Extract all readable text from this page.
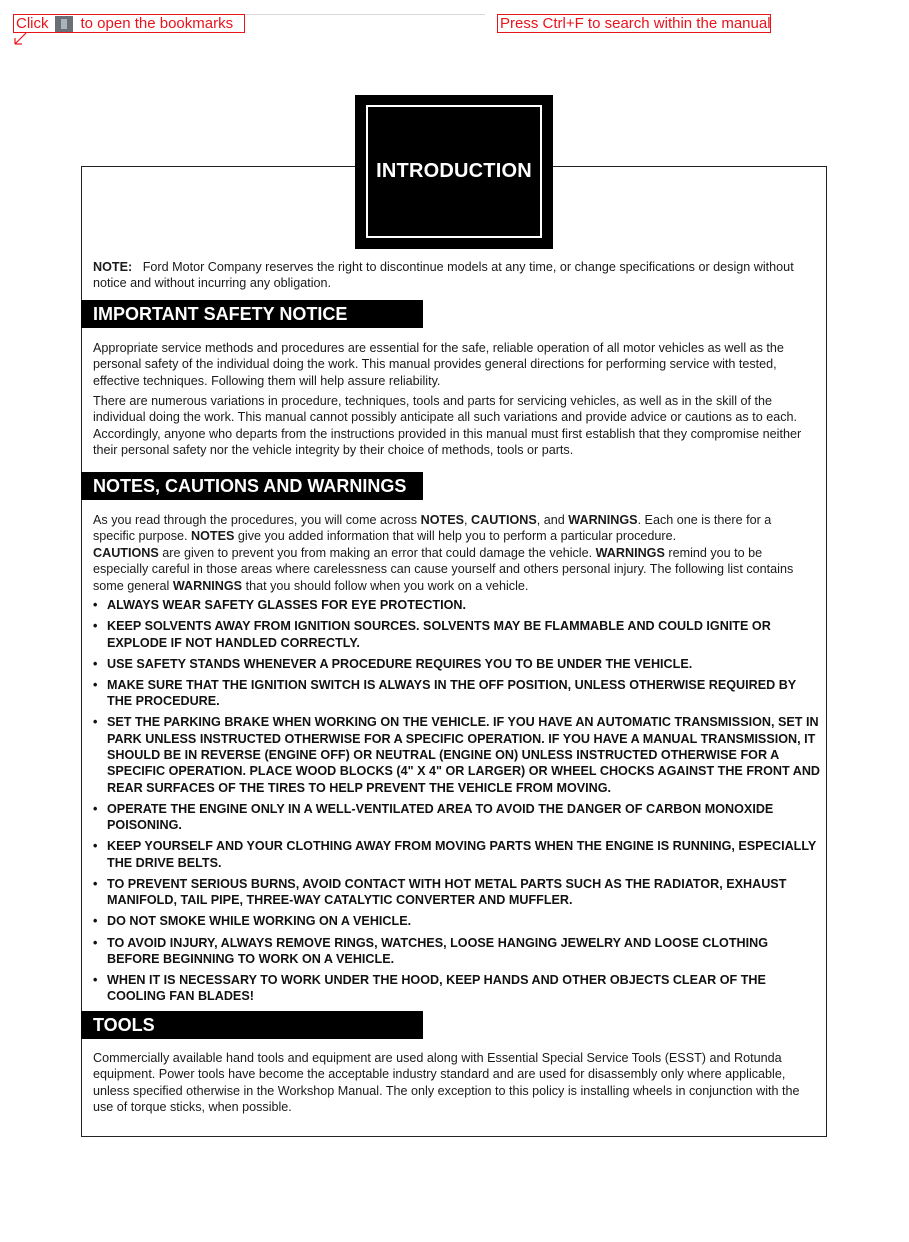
Click to open the bookmarks	Press Ctrl+F to search within the manual
INTRODUCTION
NOTE: Ford Motor Company reserves the right to discontinue models at any time, or change specifications or design without notice and without incurring any obligation.
IMPORTANT SAFETY NOTICE
Appropriate service methods and procedures are essential for the safe, reliable operation of all motor vehicles as well as the personal safety of the individual doing the work. This manual provides general directions for performing service with tested, effective techniques. Following them will help assure reliability.
There are numerous variations in procedure, techniques, tools and parts for servicing vehicles, as well as in the skill of the individual doing the work. This manual cannot possibly anticipate all such variations and provide advice or cautions as to each. Accordingly, anyone who departs from the instructions provided in this manual must first establish that they compromise neither their personal safety nor the vehicle integrity by their choice of methods, tools or parts.
NOTES, CAUTIONS AND WARNINGS
As you read through the procedures, you will come across NOTES, CAUTIONS, and WARNINGS. Each one is there for a specific purpose. NOTES give you added information that will help you to perform a particular procedure.
CAUTIONS are given to prevent you from making an error that could damage the vehicle. WARNINGS remind you to be especially careful in those areas where carelessness can cause yourself and others personal injury. The following list contains some general WARNINGS that you should follow when you work on a vehicle.
• ALWAYS WEAR SAFETY GLASSES FOR EYE PROTECTION.
• KEEP SOLVENTS AWAY FROM IGNITION SOURCES. SOLVENTS MAY BE FLAMMABLE AND COULD IGNITE OR EXPLODE IF NOT HANDLED CORRECTLY.
• USE SAFETY STANDS WHENEVER A PROCEDURE REQUIRES YOU TO BE UNDER THE VEHICLE.
• MAKE SURE THAT THE IGNITION SWITCH IS ALWAYS IN THE OFF POSITION, UNLESS OTHERWISE REQUIRED BY THE PROCEDURE.
• SET THE PARKING BRAKE WHEN WORKING ON THE VEHICLE. IF YOU HAVE AN AUTOMATIC TRANSMISSION, SET IN PARK UNLESS INSTRUCTED OTHERWISE FOR A SPECIFIC OPERATION. IF YOU HAVE A MANUAL TRANSMISSION, IT SHOULD BE IN REVERSE (ENGINE OFF) OR NEUTRAL (ENGINE ON) UNLESS INSTRUCTED OTHERWISE FOR A SPECIFIC OPERATION. PLACE WOOD BLOCKS (4" X 4" OR LARGER) OR WHEEL CHOCKS AGAINST THE FRONT AND REAR SURFACES OF THE TIRES TO HELP PREVENT THE VEHICLE FROM MOVING.
• OPERATE THE ENGINE ONLY IN A WELL-VENTILATED AREA TO AVOID THE DANGER OF CARBON MONOXIDE POISONING.
• KEEP YOURSELF AND YOUR CLOTHING AWAY FROM MOVING PARTS WHEN THE ENGINE IS RUNNING, ESPECIALLY THE DRIVE BELTS.
• TO PREVENT SERIOUS BURNS, AVOID CONTACT WITH HOT METAL PARTS SUCH AS THE RADIATOR, EXHAUST MANIFOLD, TAIL PIPE, THREE-WAY CATALYTIC CONVERTER AND MUFFLER.
• DO NOT SMOKE WHILE WORKING ON A VEHICLE.
• TO AVOID INJURY, ALWAYS REMOVE RINGS, WATCHES, LOOSE HANGING JEWELRY AND LOOSE CLOTHING BEFORE BEGINNING TO WORK ON A VEHICLE.
• WHEN IT IS NECESSARY TO WORK UNDER THE HOOD, KEEP HANDS AND OTHER OBJECTS CLEAR OF THE COOLING FAN BLADES!
TOOLS
Commercially available hand tools and equipment are used along with Essential Special Service Tools (ESST) and Rotunda equipment. Power tools have become the acceptable industry standard and are used for disassembly only where applicable, unless specified otherwise in the Workshop Manual. The only exception to this policy is installing wheels in conjunction with the use of torque sticks, when possible.
